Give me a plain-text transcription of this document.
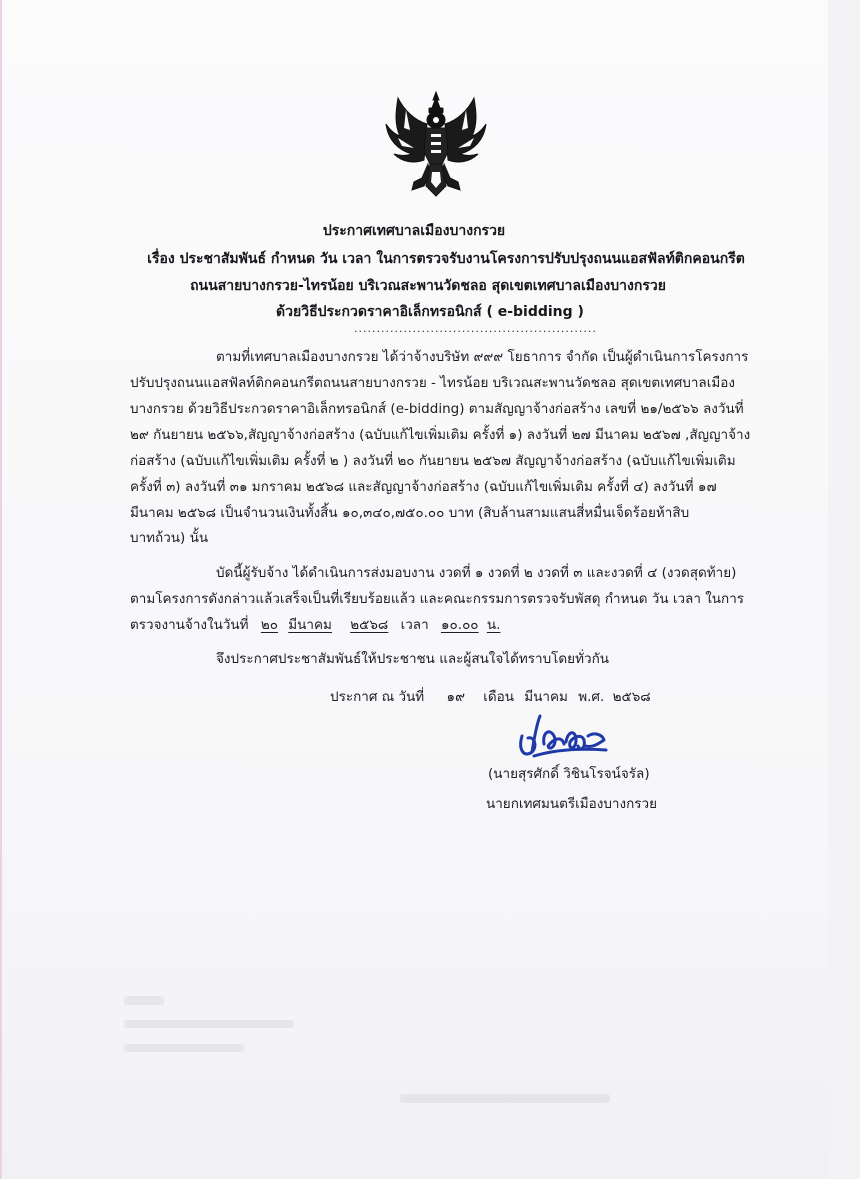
ประกาศเทศบาลเมืองบางกรวย
เรื่อง ประชาสัมพันธ์ กำหนด วัน เวลา ในการตรวจรับงานโครงการปรับปรุงถนนแอสฟัลท์ติกคอนกรีต
ถนนสายบางกรวย-ไทรน้อย บริเวณสะพานวัดชลอ สุดเขตเทศบาลเมืองบางกรวย
ด้วยวิธีประกวดราคาอิเล็กทรอนิกส์ ( e-bidding )
......................................................
ตามที่เทศบาลเมืองบางกรวย ได้ว่าจ้างบริษัท ๙๙๙ โยธาการ จำกัด เป็นผู้ดำเนินการโครงการ
ปรับปรุงถนนแอสฟัลท์ติกคอนกรีตถนนสายบางกรวย - ไทรน้อย บริเวณสะพานวัดชลอ สุดเขตเทศบาลเมือง
บางกรวย ด้วยวิธีประกวดราคาอิเล็กทรอนิกส์ (e-bidding) ตามสัญญาจ้างก่อสร้าง เลขที่ ๒๑/๒๕๖๖ ลงวันที่
๒๙ กันยายน ๒๕๖๖,สัญญาจ้างก่อสร้าง (ฉบับแก้ไขเพิ่มเติม ครั้งที่ ๑) ลงวันที่ ๒๗ มีนาคม ๒๕๖๗ ,สัญญาจ้าง
ก่อสร้าง (ฉบับแก้ไขเพิ่มเติม ครั้งที่ ๒ ) ลงวันที่ ๒๐ กันยายน ๒๕๖๗ สัญญาจ้างก่อสร้าง (ฉบับแก้ไขเพิ่มเติม
ครั้งที่ ๓) ลงวันที่ ๓๑ มกราคม ๒๕๖๘ และสัญญาจ้างก่อสร้าง (ฉบับแก้ไขเพิ่มเติม ครั้งที่ ๔) ลงวันที่ ๑๗
มีนาคม ๒๕๖๘ เป็นจำนวนเงินทั้งสิ้น ๑๐,๓๔๐,๗๕๐.๐๐ บาท (สิบล้านสามแสนสี่หมื่นเจ็ดร้อยห้าสิบ
บาทถ้วน) นั้น
บัดนี้ผู้รับจ้าง ได้ดำเนินการส่งมอบงาน งวดที่ ๑ งวดที่ ๒ งวดที่ ๓ และงวดที่ ๔ (งวดสุดท้าย)
ตามโครงการดังกล่าวแล้วเสร็จเป็นที่เรียบร้อยแล้ว และคณะกรรมการตรวจรับพัสดุ กำหนด วัน เวลา ในการ
ตรวจงานจ้างในวันที่ ๒๐ มีนาคม ๒๕๖๘ เวลา ๑๐.๐๐ น.
จึงประกาศประชาสัมพันธ์ให้ประชาชน และผู้สนใจได้ทราบโดยทั่วกัน
ประกาศ ณ วันที่ ๑๙ เดือน มีนาคม พ.ศ. ๒๕๖๘
(นายสุรศักดิ์ วิชินโรจน์จรัล)
นายกเทศมนตรีเมืองบางกรวย
